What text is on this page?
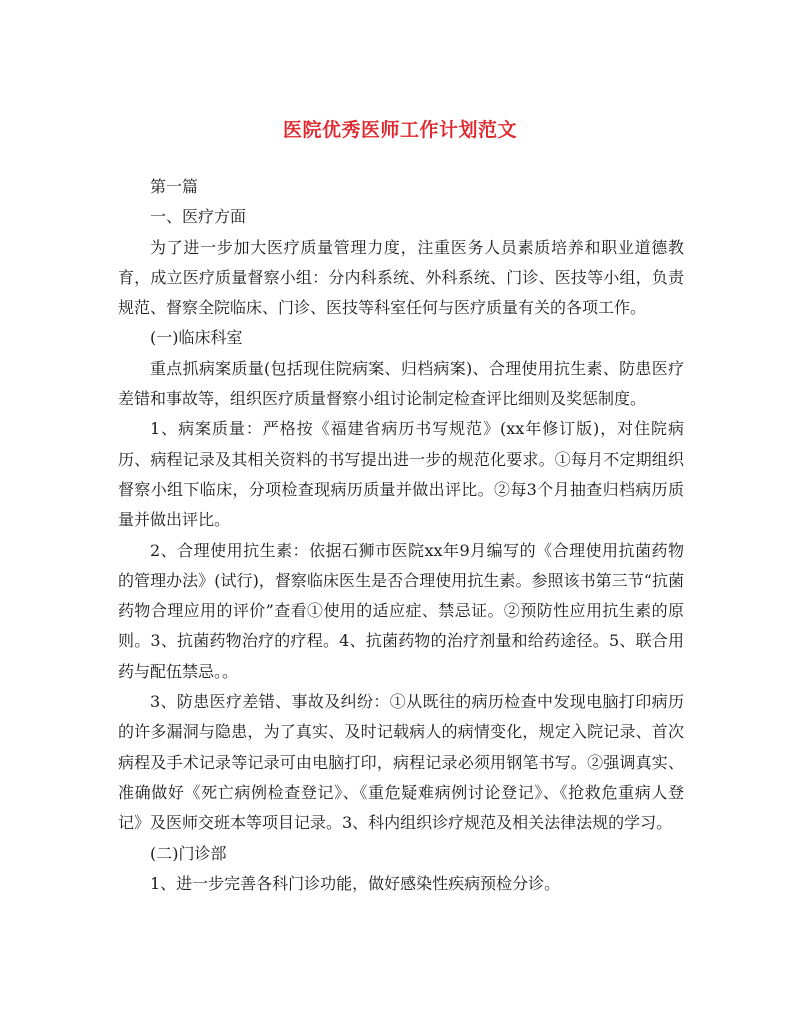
医院优秀医师工作计划范文

第一篇

一、医疗方面

为了进一步加大医疗质量管理力度，注重医务人员素质培养和职业道德教育，成立医疗质量督察小组：分内科系统、外科系统、门诊、医技等小组，负责规范、督察全院临床、门诊、医技等科室任何与医疗质量有关的各项工作。

(一)临床科室

重点抓病案质量(包括现住院病案、归档病案)、合理使用抗生素、防患医疗差错和事故等，组织医疗质量督察小组讨论制定检查评比细则及奖惩制度。

1、病案质量：严格按《福建省病历书写规范》(xx年修订版)，对住院病历、病程记录及其相关资料的书写提出进一步的规范化要求。①每月不定期组织督察小组下临床，分项检查现病历质量并做出评比。②每3个月抽查归档病历质量并做出评比。

2、合理使用抗生素：依据石狮市医院xx年9月编写的《合理使用抗菌药物的管理办法》(试行)，督察临床医生是否合理使用抗生素。参照该书第三节“抗菌药物合理应用的评价”查看①使用的适应症、禁忌证。②预防性应用抗生素的原则。3、抗菌药物治疗的疗程。4、抗菌药物的治疗剂量和给药途径。5、联合用药与配伍禁忌。。

3、防患医疗差错、事故及纠纷：①从既往的病历检查中发现电脑打印病历的许多漏洞与隐患，为了真实、及时记载病人的病情变化，规定入院记录、首次病程及手术记录等记录可由电脑打印，病程记录必须用钢笔书写。②强调真实、准确做好《死亡病例检查登记》、《重危疑难病例讨论登记》、《抢救危重病人登记》及医师交班本等项目记录。3、科内组织诊疗规范及相关法律法规的学习。

(二)门诊部

1、进一步完善各科门诊功能，做好感染性疾病预检分诊。
